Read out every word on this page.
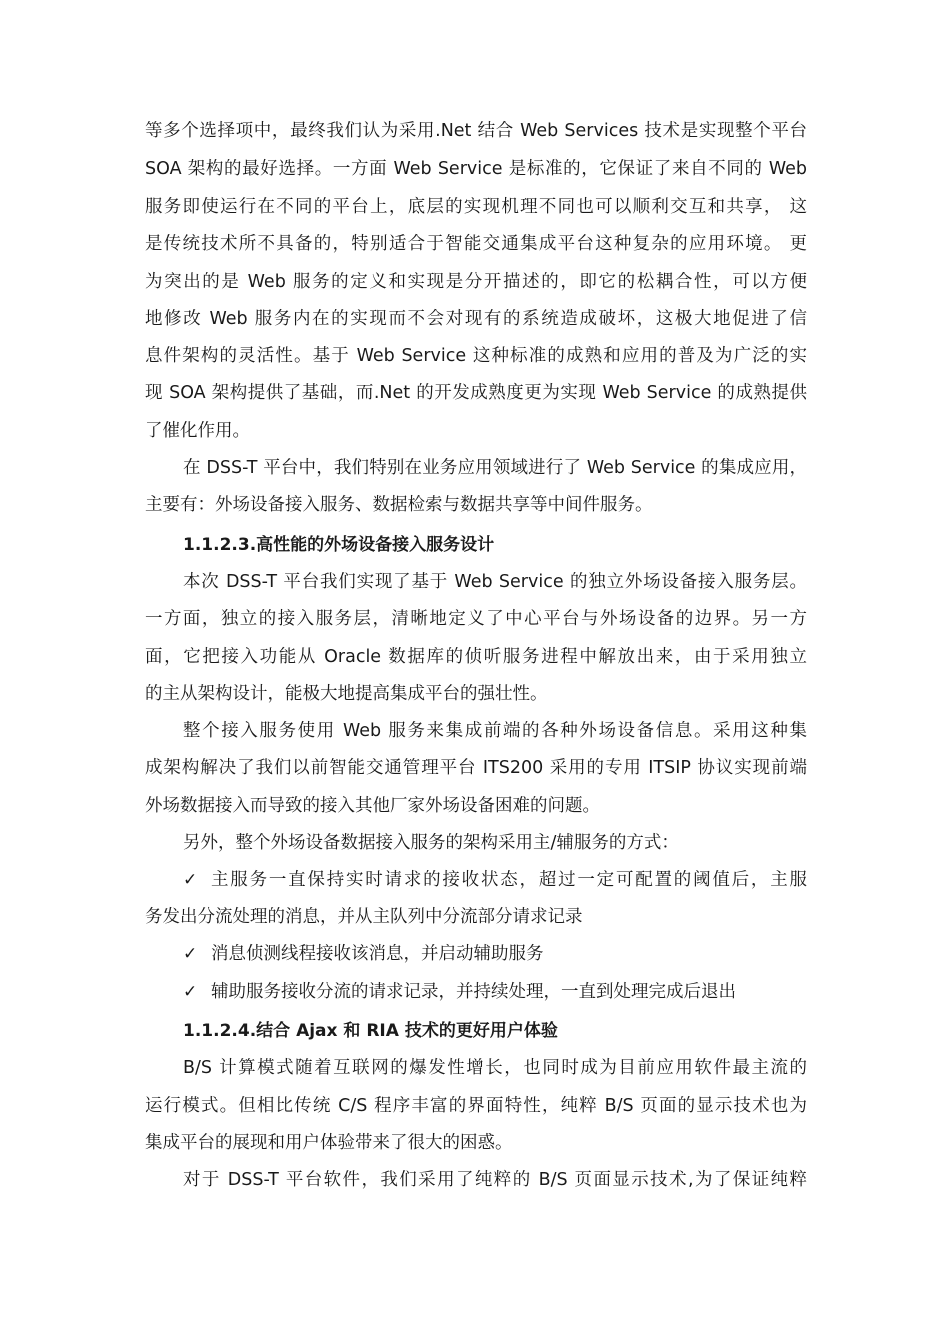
等多个选择项中，最终我们认为采用.Net 结合 Web Services 技术是实现整个平台
SOA 架构的最好选择。一方面 Web Service 是标准的，它保证了来自不同的 Web
服务即使运行在不同的平台上，底层的实现机理不同也可以顺利交互和共享， 这
是传统技术所不具备的，特别适合于智能交通集成平台这种复杂的应用环境。 更
为突出的是 Web 服务的定义和实现是分开描述的，即它的松耦合性，可以方便
地修改 Web 服务内在的实现而不会对现有的系统造成破坏，这极大地促进了信
息件架构的灵活性。基于 Web Service 这种标准的成熟和应用的普及为广泛的实
现 SOA 架构提供了基础，而.Net 的开发成熟度更为实现 Web Service 的成熟提供
了催化作用。
在 DSS-T 平台中，我们特别在业务应用领域进行了 Web Service 的集成应用，
主要有：外场设备接入服务、数据检索与数据共享等中间件服务。
1.1.2.3.高性能的外场设备接入服务设计
本次 DSS-T 平台我们实现了基于 Web Service 的独立外场设备接入服务层。
一方面，独立的接入服务层，清晰地定义了中心平台与外场设备的边界。另一方
面，它把接入功能从 Oracle 数据库的侦听服务进程中解放出来，由于采用独立
的主从架构设计，能极大地提高集成平台的强壮性。
整个接入服务使用 Web 服务来集成前端的各种外场设备信息。采用这种集
成架构解决了我们以前智能交通管理平台 ITS200 采用的专用 ITSIP 协议实现前端
外场数据接入而导致的接入其他厂家外场设备困难的问题。
另外，整个外场设备数据接入服务的架构采用主/辅服务的方式：
✓ 主服务一直保持实时请求的接收状态，超过一定可配置的阈值后，主服
务发出分流处理的消息，并从主队列中分流部分请求记录
✓ 消息侦测线程接收该消息，并启动辅助服务
✓ 辅助服务接收分流的请求记录，并持续处理，一直到处理完成后退出
1.1.2.4.结合 Ajax 和 RIA 技术的更好用户体验
B/S 计算模式随着互联网的爆发性增长，也同时成为目前应用软件最主流的
运行模式。但相比传统 C/S 程序丰富的界面特性，纯粹 B/S 页面的显示技术也为
集成平台的展现和用户体验带来了很大的困惑。
对于 DSS-T 平台软件，我们采用了纯粹的 B/S 页面显示技术,为了保证纯粹
